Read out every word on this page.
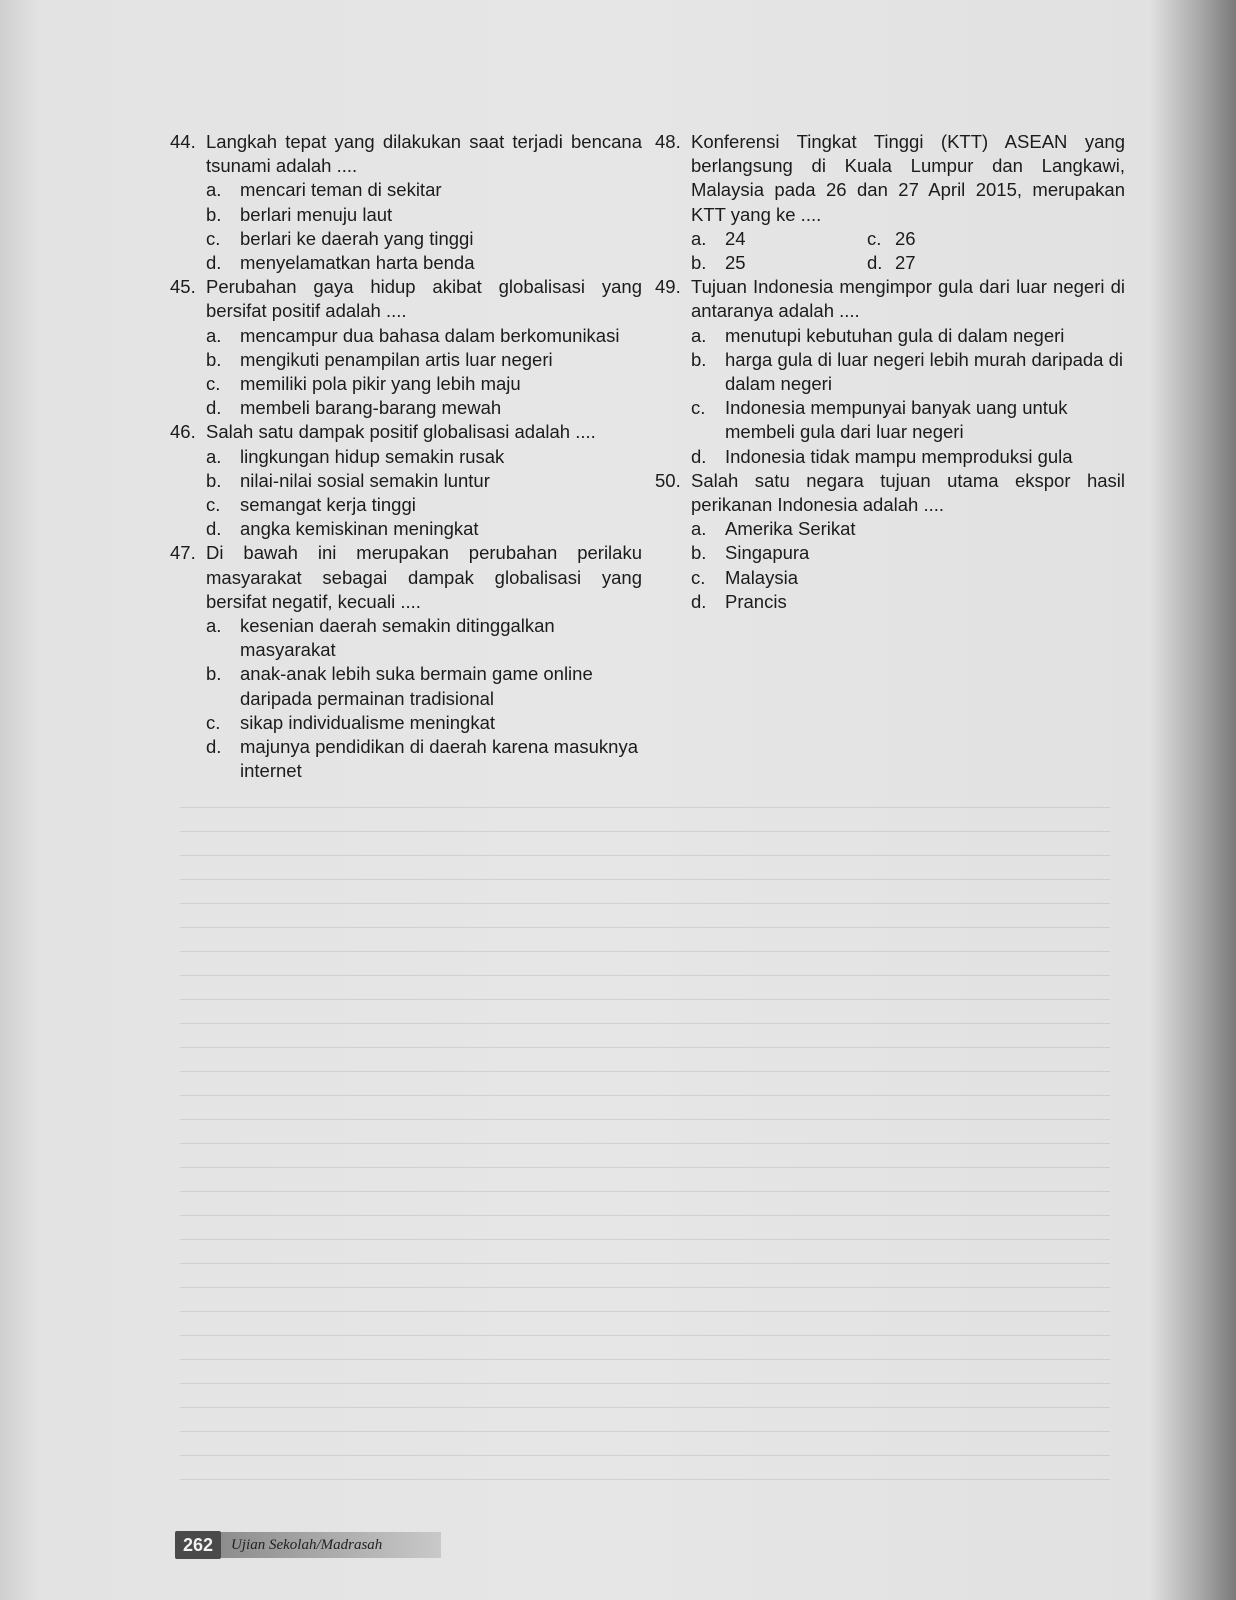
44. Langkah tepat yang dilakukan saat terjadi bencana tsunami adalah ....
a. mencari teman di sekitar
b. berlari menuju laut
c. berlari ke daerah yang tinggi
d. menyelamatkan harta benda
45. Perubahan gaya hidup akibat globalisasi yang bersifat positif adalah ....
a. mencampur dua bahasa dalam berkomunikasi
b. mengikuti penampilan artis luar negeri
c. memiliki pola pikir yang lebih maju
d. membeli barang-barang mewah
46. Salah satu dampak positif globalisasi adalah ....
a. lingkungan hidup semakin rusak
b. nilai-nilai sosial semakin luntur
c. semangat kerja tinggi
d. angka kemiskinan meningkat
47. Di bawah ini merupakan perubahan perilaku masyarakat sebagai dampak globalisasi yang bersifat negatif, kecuali ....
a. kesenian daerah semakin ditinggalkan masyarakat
b. anak-anak lebih suka bermain game online daripada permainan tradisional
c. sikap individualisme meningkat
d. majunya pendidikan di daerah karena masuknya internet
48. Konferensi Tingkat Tinggi (KTT) ASEAN yang berlangsung di Kuala Lumpur dan Langkawi, Malaysia pada 26 dan 27 April 2015, merupakan KTT yang ke ....
a. 24	c. 26
b. 25	d. 27
49. Tujuan Indonesia mengimpor gula dari luar negeri di antaranya adalah ....
a. menutupi kebutuhan gula di dalam negeri
b. harga gula di luar negeri lebih murah daripada di dalam negeri
c. Indonesia mempunyai banyak uang untuk membeli gula dari luar negeri
d. Indonesia tidak mampu memproduksi gula
50. Salah satu negara tujuan utama ekspor hasil perikanan Indonesia adalah ....
a. Amerika Serikat
b. Singapura
c. Malaysia
d. Prancis
262	Ujian Sekolah/Madrasah
